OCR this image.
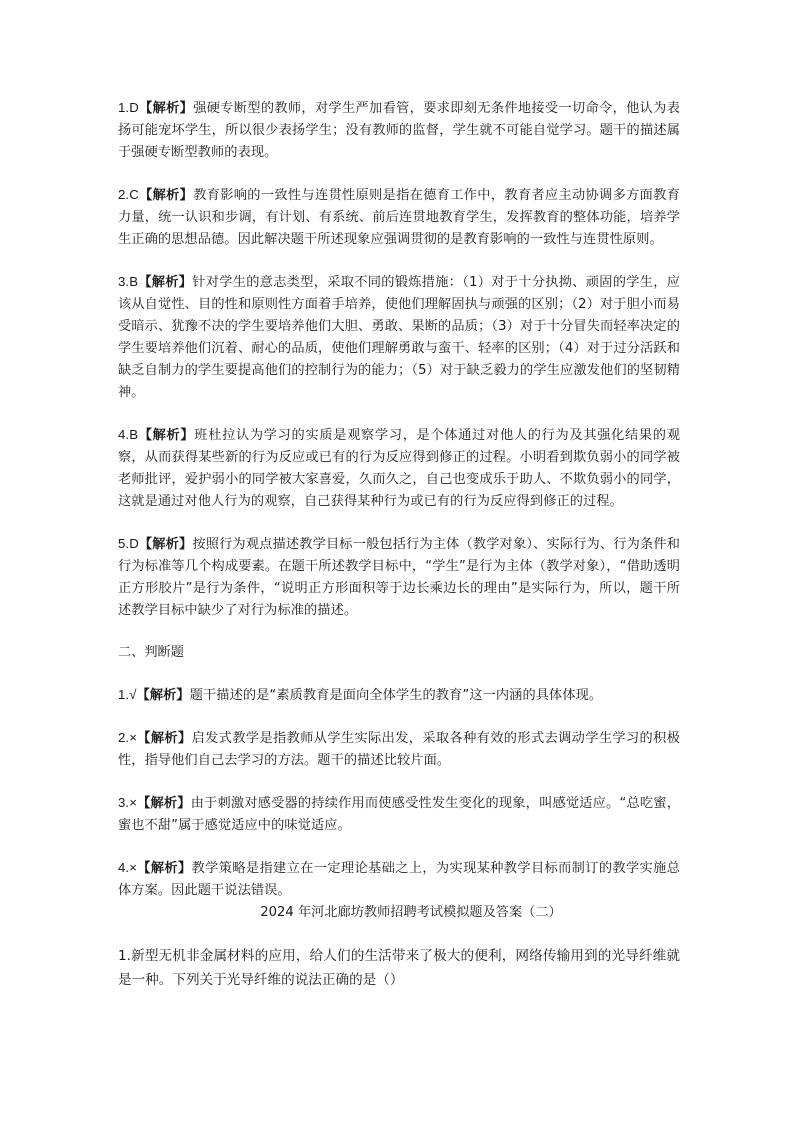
1.D【解析】强硬专断型的教师，对学生严加看管，要求即刻无条件地接受一切命令，他认为表扬可能宠坏学生，所以很少表扬学生；没有教师的监督，学生就不可能自觉学习。题干的描述属于强硬专断型教师的表现。

2.C【解析】教育影响的一致性与连贯性原则是指在德育工作中，教育者应主动协调多方面教育力量，统一认识和步调，有计划、有系统、前后连贯地教育学生，发挥教育的整体功能，培养学生正确的思想品德。因此解决题干所述现象应强调贯彻的是教育影响的一致性与连贯性原则。

3.B【解析】针对学生的意志类型，采取不同的锻炼措施：（1）对于十分执拗、顽固的学生，应该从自觉性、目的性和原则性方面着手培养，使他们理解固执与顽强的区别；（2）对于胆小而易受暗示、犹豫不决的学生要培养他们大胆、勇敢、果断的品质；（3）对于十分冒失而轻率决定的学生要培养他们沉着、耐心的品质，使他们理解勇敢与蛮干、轻率的区别；（4）对于过分活跃和缺乏自制力的学生要提高他们的控制行为的能力；（5）对于缺乏毅力的学生应激发他们的坚韧精神。

4.B【解析】班杜拉认为学习的实质是观察学习，是个体通过对他人的行为及其强化结果的观察，从而获得某些新的行为反应或已有的行为反应得到修正的过程。小明看到欺负弱小的同学被老师批评，爱护弱小的同学被大家喜爱，久而久之，自己也变成乐于助人、不欺负弱小的同学，这就是通过对他人行为的观察，自己获得某种行为或已有的行为反应得到修正的过程。

5.D【解析】按照行为观点描述教学目标一般包括行为主体（教学对象）、实际行为、行为条件和行为标准等几个构成要素。在题干所述教学目标中，“学生”是行为主体（教学对象），“借助透明正方形胶片”是行为条件，“说明正方形面积等于边长乘边长的理由”是实际行为，所以，题干所述教学目标中缺少了对行为标准的描述。

二、判断题

1.√【解析】题干描述的是“素质教育是面向全体学生的教育”这一内涵的具体体现。

2.×【解析】启发式教学是指教师从学生实际出发，采取各种有效的形式去调动学生学习的积极性，指导他们自己去学习的方法。题干的描述比较片面。

3.×【解析】由于刺激对感受器的持续作用而使感受性发生变化的现象，叫感觉适应。“总吃蜜，蜜也不甜”属于感觉适应中的味觉适应。

4.×【解析】教学策略是指建立在一定理论基础之上，为实现某种教学目标而制订的教学实施总体方案。因此题干说法错误。

2024 年河北廊坊教师招聘考试模拟题及答案（二）

1.新型无机非金属材料的应用，给人们的生活带来了极大的便利，网络传输用到的光导纤维就是一种。下列关于光导纤维的说法正确的是（）
